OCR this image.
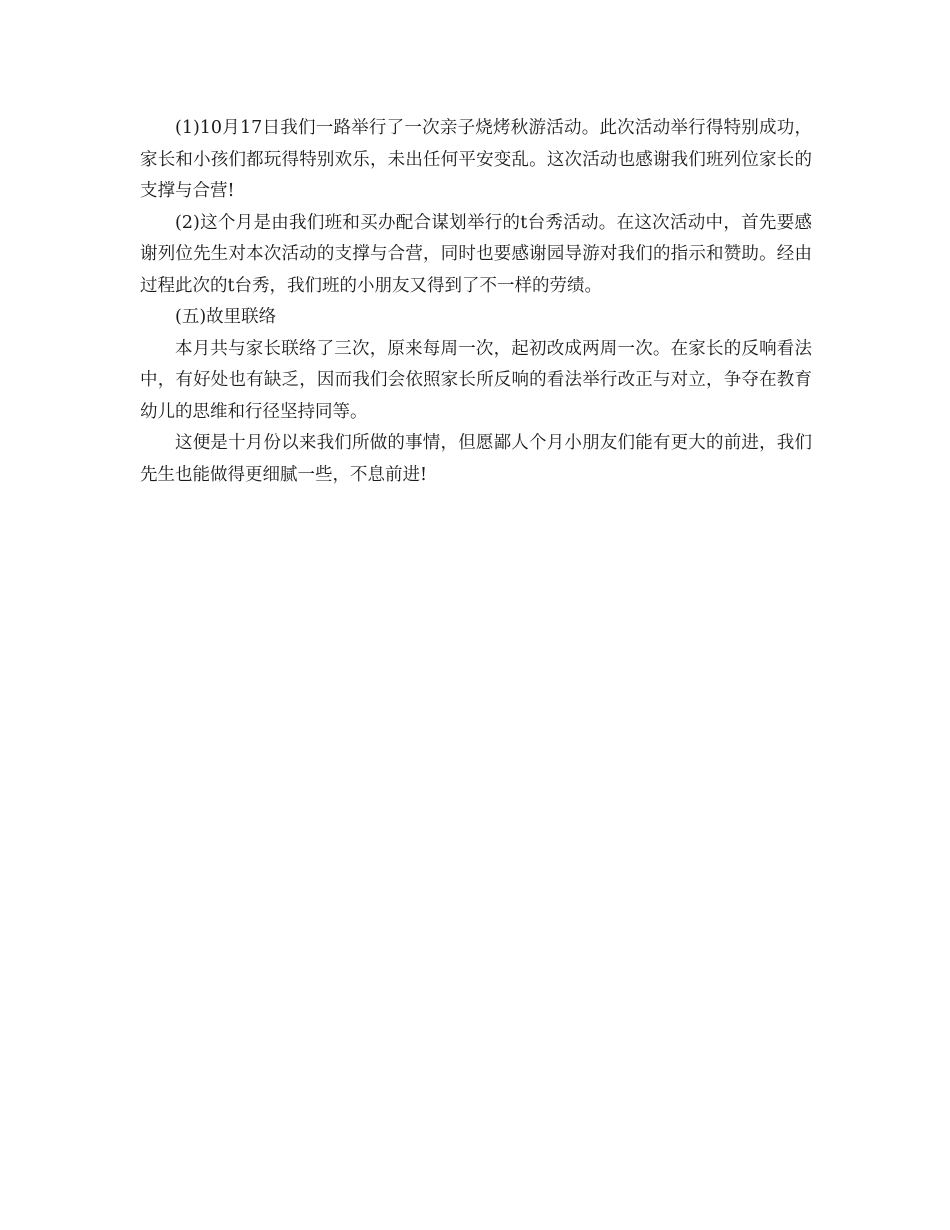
(1)10月17日我们一路举行了一次亲子烧烤秋游活动。此次活动举行得特别成功，家长和小孩们都玩得特别欢乐，未出任何平安变乱。这次活动也感谢我们班列位家长的支撑与合营!

(2)这个月是由我们班和买办配合谋划举行的t台秀活动。在这次活动中，首先要感谢列位先生对本次活动的支撑与合营，同时也要感谢园导游对我们的指示和赞助。经由过程此次的t台秀，我们班的小朋友又得到了不一样的劳绩。

(五)故里联络

本月共与家长联络了三次，原来每周一次，起初改成两周一次。在家长的反响看法中，有好处也有缺乏，因而我们会依照家长所反响的看法举行改正与对立，争夺在教育幼儿的思维和行径坚持同等。

这便是十月份以来我们所做的事情，但愿鄙人个月小朋友们能有更大的前进，我们先生也能做得更细腻一些，不息前进!
